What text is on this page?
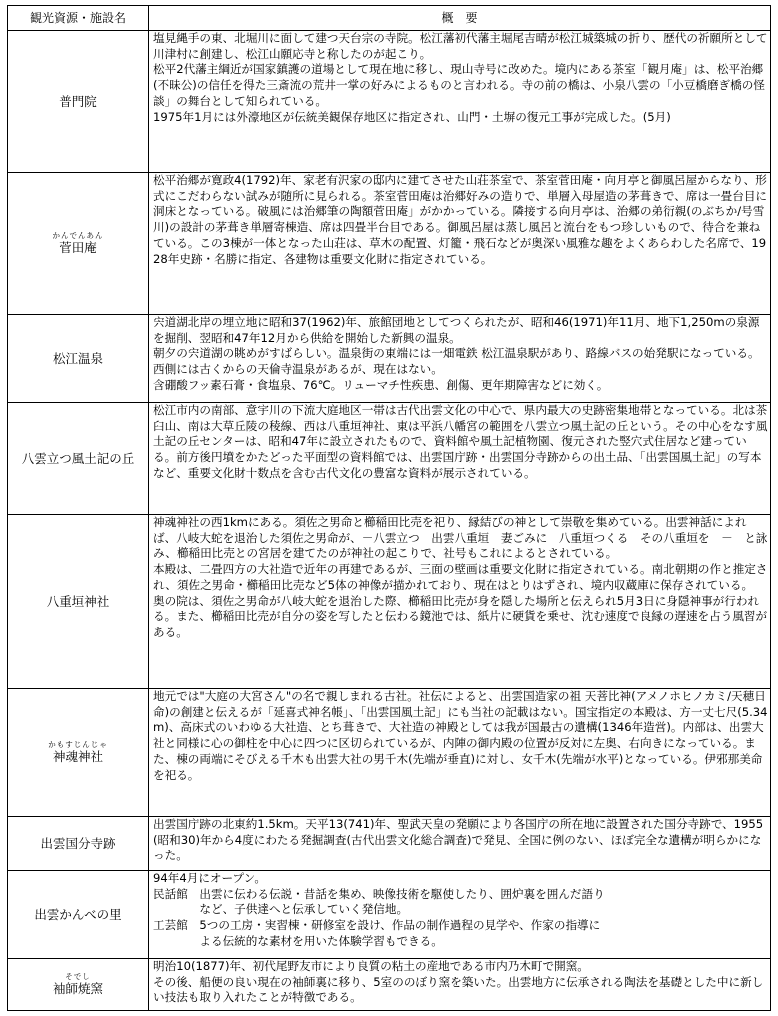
観光資源・施設名	概　要
普門院	塩見縄手の東、北堀川に面して建つ天台宗の寺院。松江藩初代藩主堀尾吉晴が松江城築城の折り、歴代の祈願所として川津村に創建し、松江山願応寺と称したのが起こり。
松平2代藩主綱近が国家鎮護の道場として現在地に移し、現山寺号に改めた。境内にある茶室「観月庵」は、松平治郷(不昧公)の信任を得た三斎流の荒井一掌の好みによるものと言われる。寺の前の橋は、小泉八雲の「小豆橋磨ぎ橋の怪談」の舞台として知られている。
1975年1月には外濠地区が伝統美観保存地区に指定され、山門・土塀の復元工事が完成した。(5月)

かんでんあん
菅田庵	松平治郷が寛政4(1792)年、家老有沢家の邸内に建てさせた山荘茶室で、茶室菅田庵・向月亭と御風呂屋からなり、形式にこだわらない試みが随所に見られる。茶室菅田庵は治郷好みの造りで、単層入母屋造の茅葺きで、席は一畳台目に洞床となっている。破風には治郷筆の陶額菅田庵」がかかっている。隣接する向月亭は、治郷の弟衍親(のぶちか/号雪川)の設計の茅葺き単層寄棟造、席は四畳半台目である。御風呂屋は蒸し風呂と流台をもつ珍しいもので、待合を兼ねている。この3棟が一体となった山荘は、草木の配置、灯籠・飛石などが奥深い風雅な趣をよくあらわした名席で、1928年史跡・名勝に指定、各建物は重要文化財に指定されている。
松江温泉	宍道湖北岸の埋立地に昭和37(1962)年、旅館団地としてつくられたが、昭和46(1971)年11月、地下1,250mの泉源を掘削、翌昭和47年12月から供給を開始した新興の温泉。
朝夕の宍道湖の眺めがすばらしい。温泉街の東端には一畑電鉄 松江温泉駅があり、路線バスの始発駅になっている。西側には古くからの天倫寺温泉があるが、現在はない。
含硼酸フッ素石膏・食塩泉、76℃。リューマチ性疾患、創傷、更年期障害などに効く。
八雲立つ風土記の丘	松江市内の南部、意宇川の下流大庭地区一帯は古代出雲文化の中心で、県内最大の史跡密集地帯となっている。北は茶臼山、南は大草丘陵の稜線、西は八重垣神社、東は平浜八幡宮の範囲を八雲立つ風土記の丘という。その中心をなす風土記の丘センターは、昭和47年に設立されたもので、資料館や風土記植物園、復元された竪穴式住居など建っている。前方後円墳をかたどった平面型の資料館では、出雲国庁跡・出雲国分寺跡からの出土品、「出雲国風土記」の写本など、重要文化財十数点を含む古代文化の豊富な資料が展示されている。
八重垣神社	神魂神社の西1kmにある。須佐之男命と櫛稲田比売を祀り、縁結びの神として崇敬を集めている。出雲神話によれば、八岐大蛇を退治した須佐之男命が、－八雲立つ　出雲八重垣　妻ごみに　八重垣つくる　その八重垣を　－　と詠み、櫛稲田比売との宮居を建てたのが神社の起こりで、社号もこれによるとされている。
本殿は、二畳四方の大社造で近年の再建であるが、三面の壁画は重要文化財に指定されている。南北朝期の作と推定され、須佐之男命・櫛稲田比売など5体の神像が描かれており、現在はとりはずされ、境内収蔵庫に保存されている。
奥の院は、須佐之男命が八岐大蛇を退治した際、櫛稲田比売が身を隠した場所と伝えられ5月3日に身隠神事が行われる。また、櫛稲田比売が自分の姿を写したと伝わる鏡池では、紙片に硬貨を乗せ、沈む速度で良縁の遅速を占う風習がある。

かもすじんじゃ
神魂神社	地元では"大庭の大宮さん"の名で親しまれる古社。社伝によると、出雲国造家の祖 天菩比神(アメノホヒノカミ/天穂日命)の創建と伝えるが「延喜式神名帳」、「出雲国風土記」にも当社の記載はない。国宝指定の本殿は、方一丈七尺(5.34m)、高床式のいわゆる大社造、とち葺きで、大社造の神殿としては我が国最古の遺構(1346年造営)。内部は、出雲大社と同様に心の御柱を中心に四つに区切られているが、内陣の御内殿の位置が反対に左奥、右向きになっている。また、棟の両端にそびえる千木も出雲大社の男千木(先端が垂直)に対し、女千木(先端が水平)となっている。伊邪那美命を祀る。
出雲国分寺跡	出雲国庁跡の北東約1.5km。天平13(741)年、聖武天皇の発願により各国庁の所在地に設置された国分寺跡で、1955(昭和30)年から4度にわたる発掘調査(古代出雲文化総合調査)で発見、全国に例のない、ほぼ完全な遺構が明らかになった。
出雲かんべの里	94年4月にオープン。
民話館　出雲に伝わる伝説・昔話を集め、映像技術を駆使したり、囲炉裏を囲んだ語り
　　　　など、子供達へと伝承していく発信地。
工芸館　5つの工房・実習棟・研修室を設け、作品の制作過程の見学や、作家の指導に
　　　　よる伝統的な素材を用いた体験学習もできる。

そでし
袖師焼窯	明治10(1877)年、初代尾野友市により良質の粘土の産地である市内乃木町で開窯。
その後、船便の良い現在の袖師裏に移り、5室ののぼり窯を築いた。出雲地方に伝承される陶法を基礎とした中に新しい技法も取り入れたことが特徴である。
